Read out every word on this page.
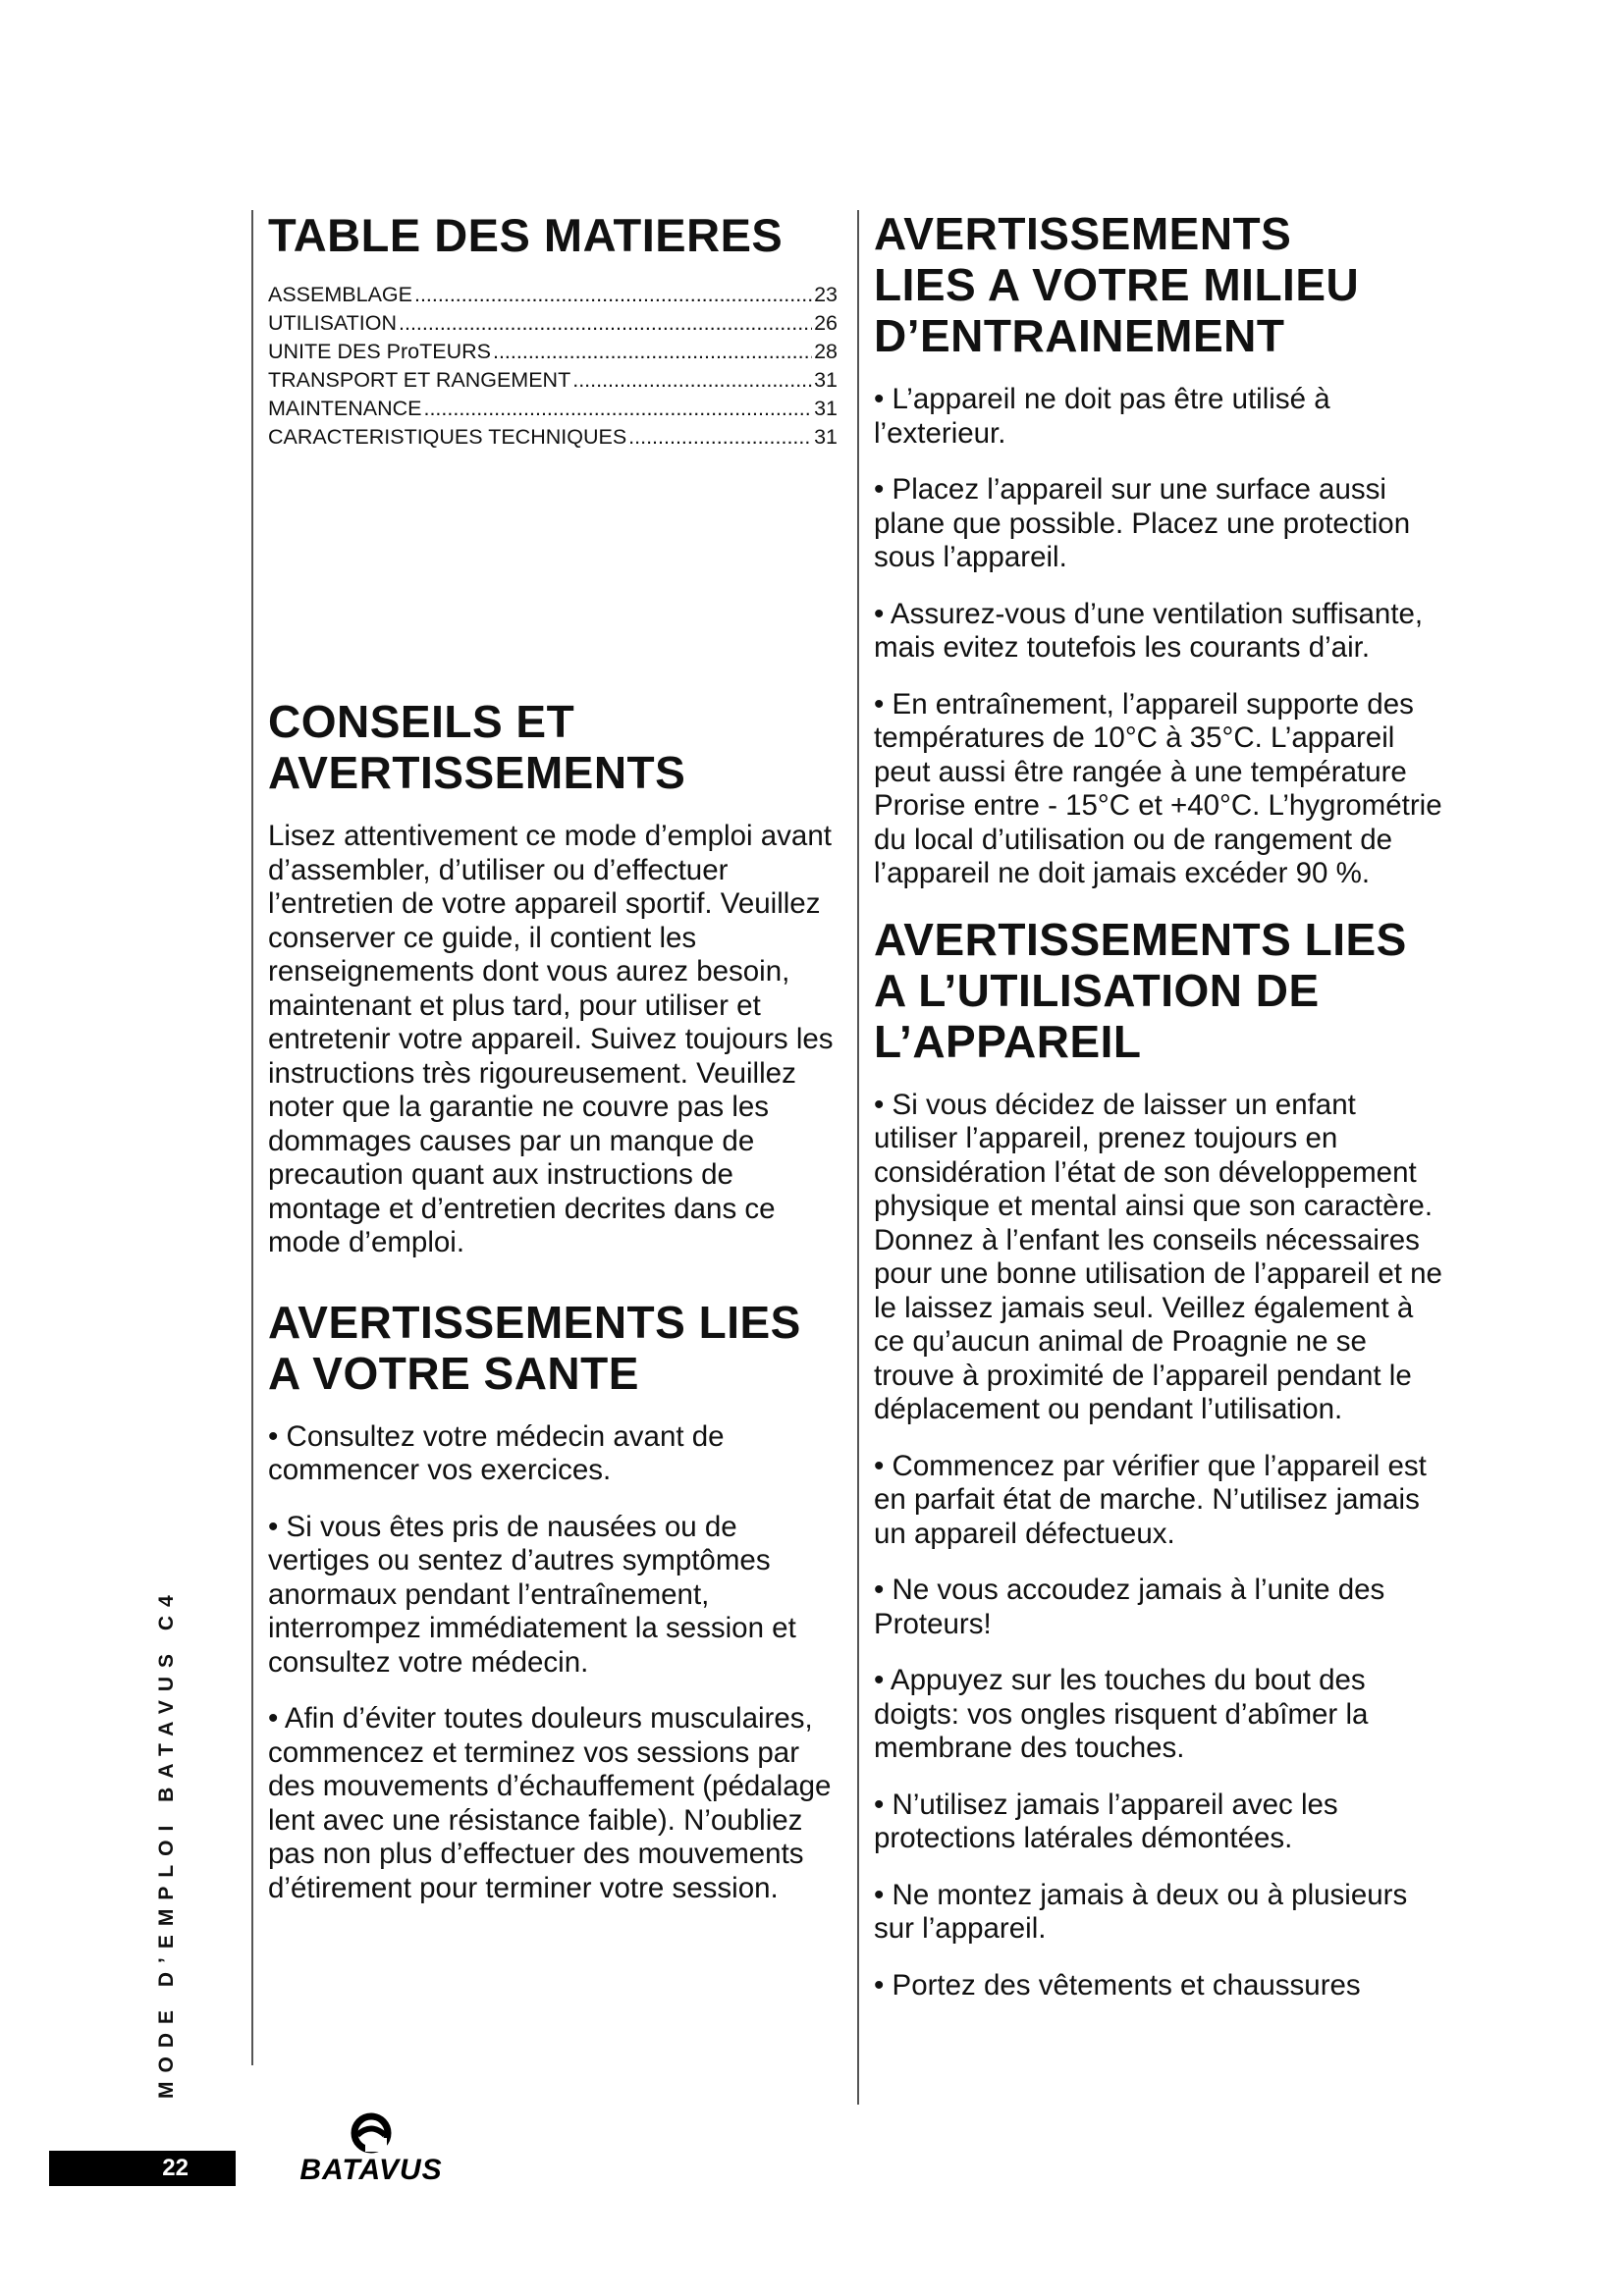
TABLE DES MATIERES
ASSEMBLAGE .....	23
UTILISATION .....	26
UNITE DES ProTEURS .....	28
TRANSPORT ET RANGEMENT .....	31
MAINTENANCE .....	31
CARACTERISTIQUES TECHNIQUES .....	31
CONSEILS ET
AVERTISSEMENTS

Lisez attentivement ce mode d’emploi avant d’assembler, d’utiliser ou d’effectuer l’entretien de votre appareil sportif. Veuillez conserver ce guide, il contient les renseignements dont vous aurez besoin, maintenant et plus tard, pour utiliser et entretenir votre appareil. Suivez toujours les instructions très rigoureusement. Veuillez noter que la garantie ne couvre pas les dommages causes par un manque de precaution quant aux instructions de montage et d’entretien decrites dans ce mode d’emploi.

AVERTISSEMENTS LIES
A VOTRE SANTE

• Consultez votre médecin avant de commencer vos exercices.

• Si vous êtes pris de nausées ou de vertiges ou sentez d’autres symptômes anormaux pendant l’entraînement, interrompez immédiatement la session et consultez votre médecin.

• Afin d’éviter toutes douleurs musculaires, commencez et terminez vos sessions par des mouvements d’échauffement (pédalage lent avec une résistance faible). N’oubliez pas non plus d’effectuer des mouvements d’étirement pour terminer votre session.

AVERTISSEMENTS
LIES A VOTRE MILIEU
D’ENTRAINEMENT

• L’appareil ne doit pas être utilisé à l’exterieur.

• Placez l’appareil sur une surface aussi plane que possible. Placez une protection sous l’appareil.

• Assurez-vous d’une ventilation suffisante, mais evitez toutefois les courants d’air.

• En entraînement, l’appareil supporte des températures de 10°C à 35°C. L’appareil peut aussi être rangée à une température Prorise entre - 15°C et +40°C. L’hygrométrie du local d’utilisation ou de rangement de l’appareil ne doit jamais excéder 90 %.

AVERTISSEMENTS LIES
A L’UTILISATION DE
L’APPAREIL

• Si vous décidez de laisser un enfant utiliser l’appareil, prenez toujours en considération l’état de son développement physique et mental ainsi que son caractère. Donnez à l’enfant les conseils nécessaires pour une bonne utilisation de l’appareil et ne le laissez jamais seul. Veillez également à ce qu’aucun animal de Proagnie ne se trouve à proximité de l’appareil pendant le déplacement ou pendant l’utilisation.

• Commencez par vérifier que l’appareil est en parfait état de marche. N’utilisez jamais un appareil défectueux.

• Ne vous accoudez jamais à l’unite des Proteurs!

• Appuyez sur les touches du bout des doigts: vos ongles risquent d’abîmer la membrane des touches.

• N’utilisez jamais l’appareil avec les protections latérales démontées.

• Ne montez jamais à deux ou à plusieurs sur l’appareil.

• Portez des vêtements et chaussures

MODE D’EMPLOI BATAVUS C4
22	BATAVUS
